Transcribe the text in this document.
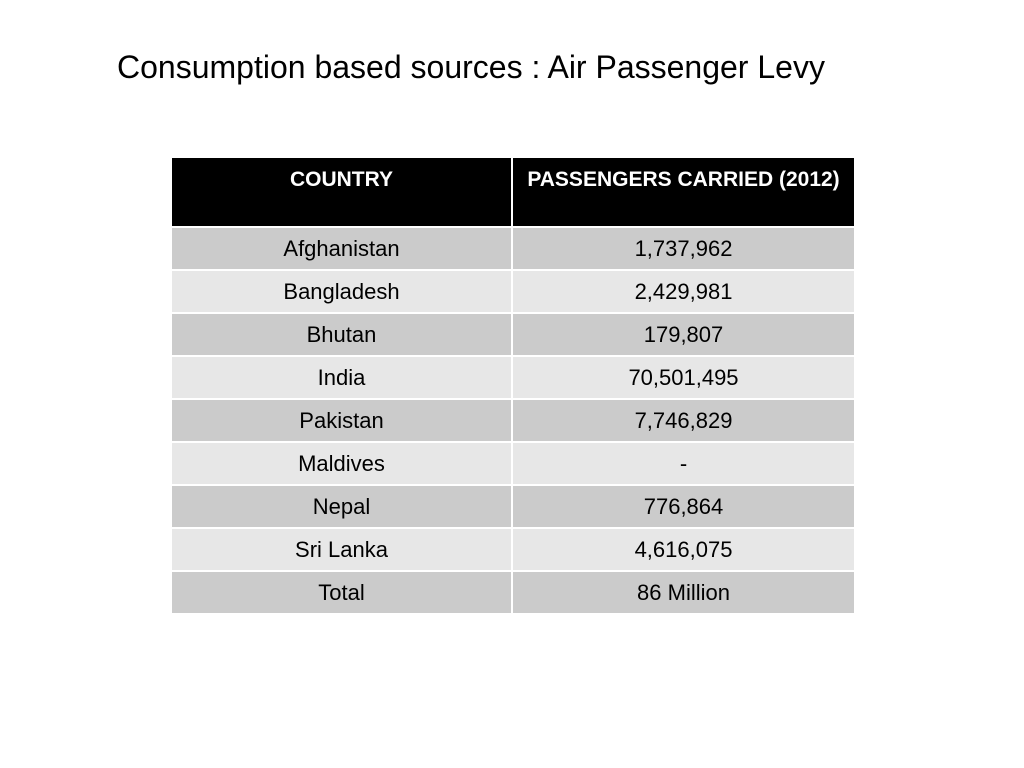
Consumption based sources : Air Passenger Levy
COUNTRY	PASSENGERS CARRIED (2012)

Afghanistan	1,737,962
Bangladesh	2,429,981
Bhutan	179,807
India	70,501,495
Pakistan	7,746,829
Maldives	-
Nepal	776,864
Sri Lanka	4,616,075
Total	86 Million
